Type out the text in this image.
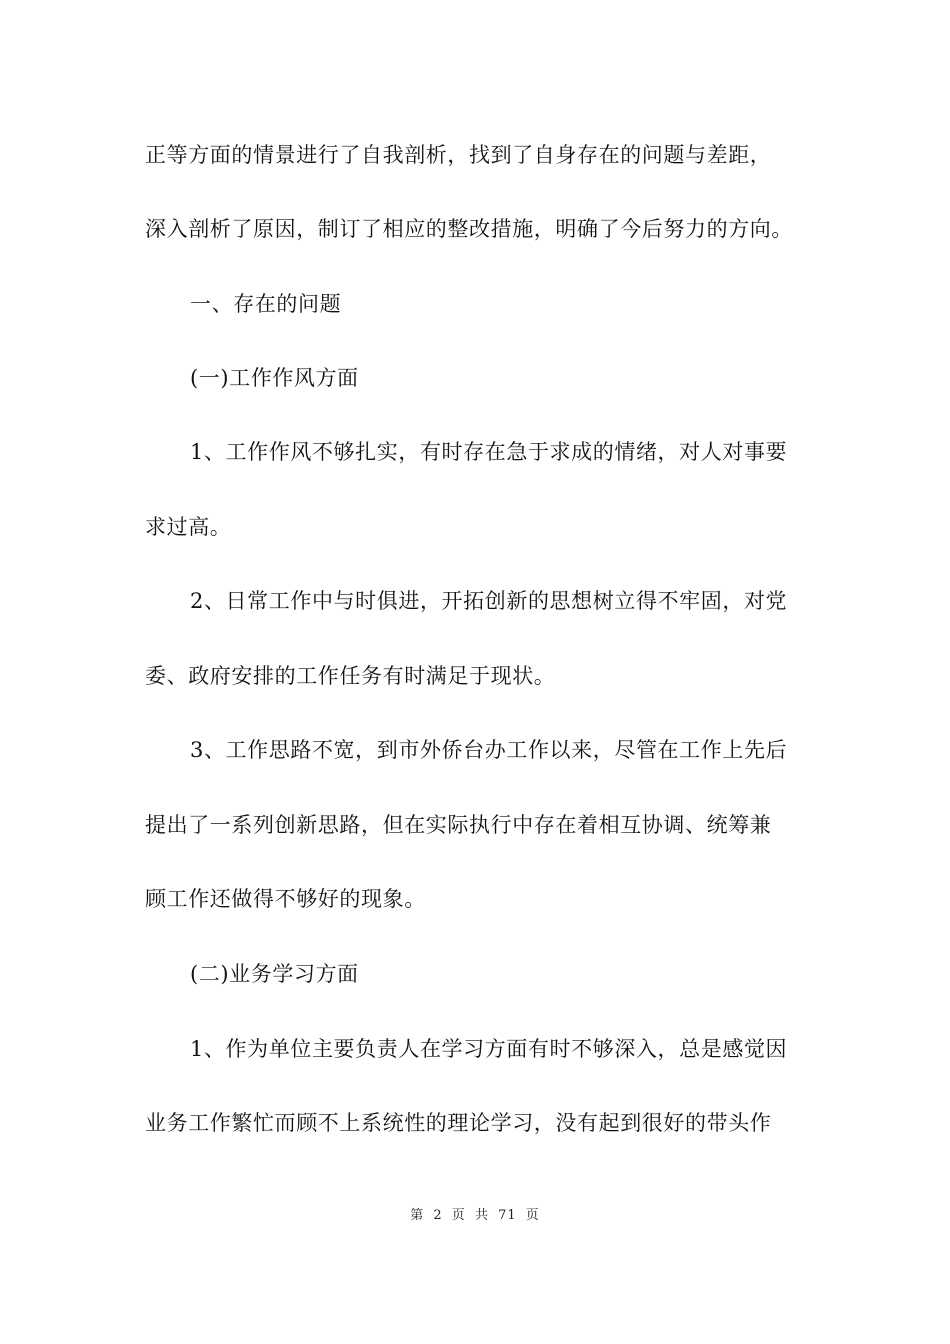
正等方面的情景进行了自我剖析，找到了自身存在的问题与差距，
深入剖析了原因，制订了相应的整改措施，明确了今后努力的方向。
一、存在的问题
(一)工作作风方面
1、工作作风不够扎实，有时存在急于求成的情绪，对人对事要
求过高。
2、日常工作中与时俱进，开拓创新的思想树立得不牢固，对党
委、政府安排的工作任务有时满足于现状。
3、工作思路不宽，到市外侨台办工作以来，尽管在工作上先后
提出了一系列创新思路，但在实际执行中存在着相互协调、统筹兼
顾工作还做得不够好的现象。
(二)业务学习方面
1、作为单位主要负责人在学习方面有时不够深入，总是感觉因
业务工作繁忙而顾不上系统性的理论学习，没有起到很好的带头作
第 2 页 共 71 页
